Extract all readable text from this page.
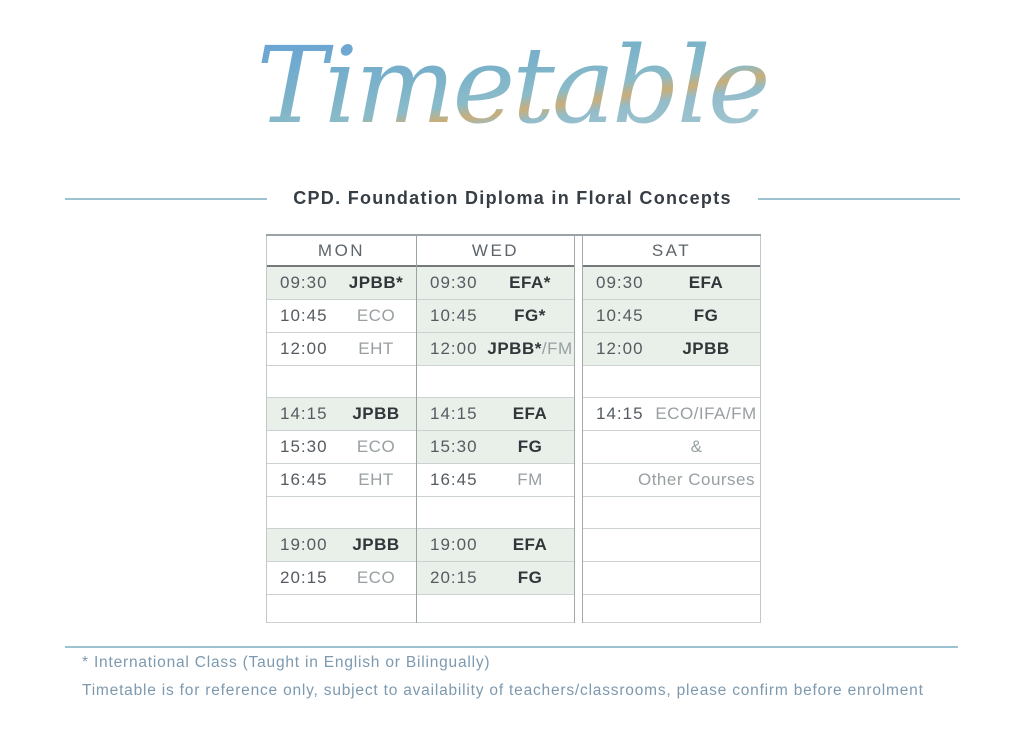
Timetable
CPD. Foundation Diploma in Floral Concepts
MON
09:30	JPBB*
10:45	ECO
12:00	EHT
14:15	JPBB
15:30	ECO
16:45	EHT
19:00	JPBB
20:15	ECO
WED
09:30	EFA*
10:45	FG*
12:00 JPBB*/FM
14:15	EFA
15:30	FG
16:45	FM
19:00	EFA
20:15	FG
SAT
09:30	EFA
10:45	FG
12:00	JPBB
14:15 ECO/IFA/FM
&
Other Courses
* International Class (Taught in English or Bilingually)
Timetable is for reference only, subject to availability of teachers/classrooms, please confirm before enrolment
